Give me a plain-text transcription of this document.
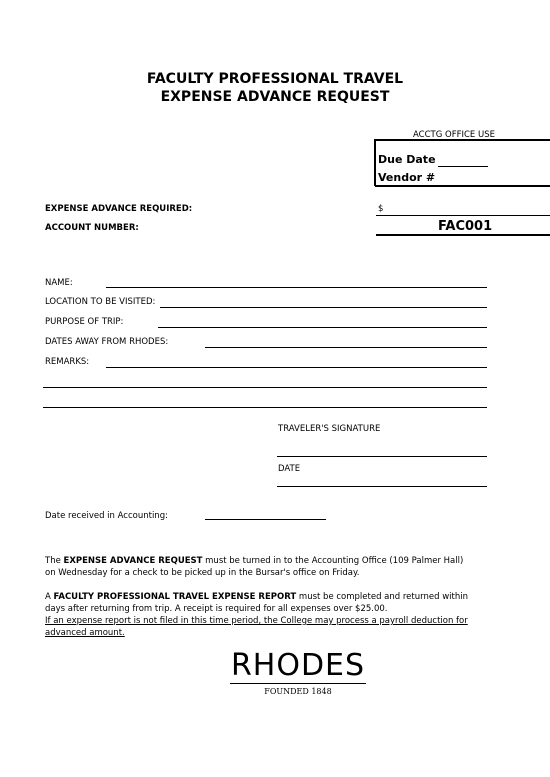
FACULTY PROFESSIONAL TRAVEL
EXPENSE ADVANCE REQUEST
ACCTG OFFICE USE
Due Date
Vendor #
EXPENSE ADVANCE REQUIRED:	$
ACCOUNT NUMBER:	FAC001
NAME:
LOCATION TO BE VISITED:
PURPOSE OF TRIP:
DATES AWAY FROM RHODES:
REMARKS:
TRAVELER'S SIGNATURE
DATE
Date received in Accounting:
The EXPENSE ADVANCE REQUEST must be turned in to the Accounting Office (109 Palmer Hall)
on Wednesday for a check to be picked up in the Bursar's office on Friday.
A FACULTY PROFESSIONAL TRAVEL EXPENSE REPORT must be completed and returned within
days after returning from trip. A receipt is required for all expenses over $25.00.
If an expense report is not filed in this time period, the College may process a payroll deduction for
advanced amount.
RHODES
FOUNDED 1848
